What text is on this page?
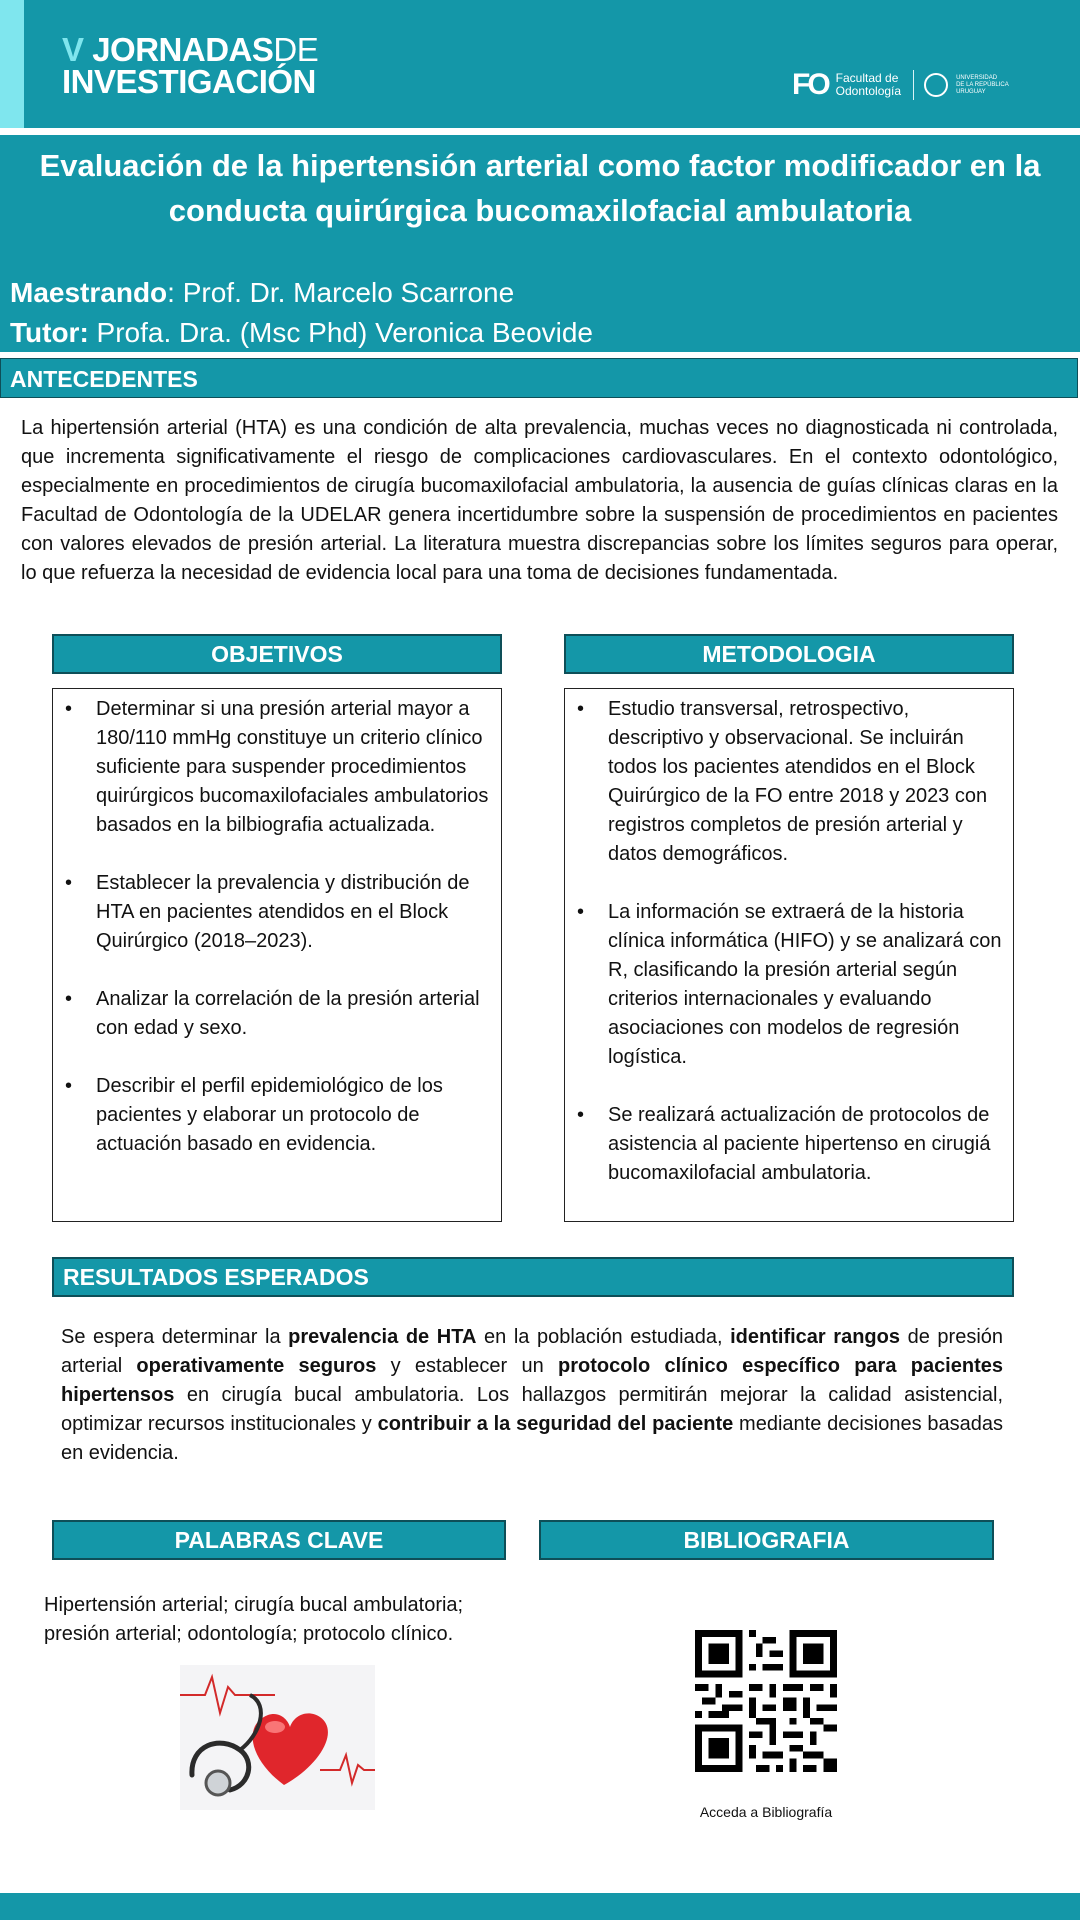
V JORNADASDE
INVESTIGACIÓN	FO Facultad de
Odontología
UNIVERSIDAD
DE LA REPÚBLICA
URUGUAY
Evaluación de la hipertensión arterial como factor modificador en la
conducta quirúrgica bucomaxilofacial ambulatoria
Maestrando: Prof. Dr. Marcelo Scarrone
Tutor: Profa. Dra. (Msc Phd) Veronica Beovide
ANTECEDENTES
La hipertensión arterial (HTA) es una condición de alta prevalencia, muchas veces no diagnosticada ni controlada, que incrementa significativamente el riesgo de complicaciones cardiovasculares. En el contexto odontológico, especialmente en procedimientos de cirugía bucomaxilofacial ambulatoria, la ausencia de guías clínicas claras en la Facultad de Odontología de la UDELAR genera incertidumbre sobre la suspensión de procedimientos en pacientes con valores elevados de presión arterial. La literatura muestra discrepancias sobre los límites seguros para operar, lo que refuerza la necesidad de evidencia local para una toma de decisiones fundamentada.
OBJETIVOS
• Determinar si una presión arterial mayor a 180/110 mmHg constituye un criterio clínico suficiente para suspender procedimientos quirúrgicos bucomaxilofaciales ambulatorios basados en la bilbiografia actualizada.
• Establecer la prevalencia y distribución de HTA en pacientes atendidos en el Block Quirúrgico (2018–2023).
• Analizar la correlación de la presión arterial con edad y sexo.
• Describir el perfil epidemiológico de los pacientes y elaborar un protocolo de actuación basado en evidencia.
METODOLOGIA
• Estudio transversal, retrospectivo, descriptivo y observacional. Se incluirán todos los pacientes atendidos en el Block Quirúrgico de la FO entre 2018 y 2023 con registros completos de presión arterial y datos demográficos.
• La información se extraerá de la historia clínica informática (HIFO) y se analizará con R, clasificando la presión arterial según criterios internacionales y evaluando asociaciones con modelos de regresión logística.
• Se realizará actualización de protocolos de asistencia al paciente hipertenso en cirugiá bucomaxilofacial ambulatoria.
RESULTADOS ESPERADOS
Se espera determinar la prevalencia de HTA en la población estudiada, identificar rangos de presión arterial operativamente seguros y establecer un protocolo clínico específico para pacientes hipertensos en cirugía bucal ambulatoria. Los hallazgos permitirán mejorar la calidad asistencial, optimizar recursos institucionales y contribuir a la seguridad del paciente mediante decisiones basadas en evidencia.
PALABRAS CLAVE
Hipertensión arterial; cirugía bucal ambulatoria;
presión arterial; odontología; protocolo clínico.
BIBLIOGRAFIA
Acceda a Bibliografía
